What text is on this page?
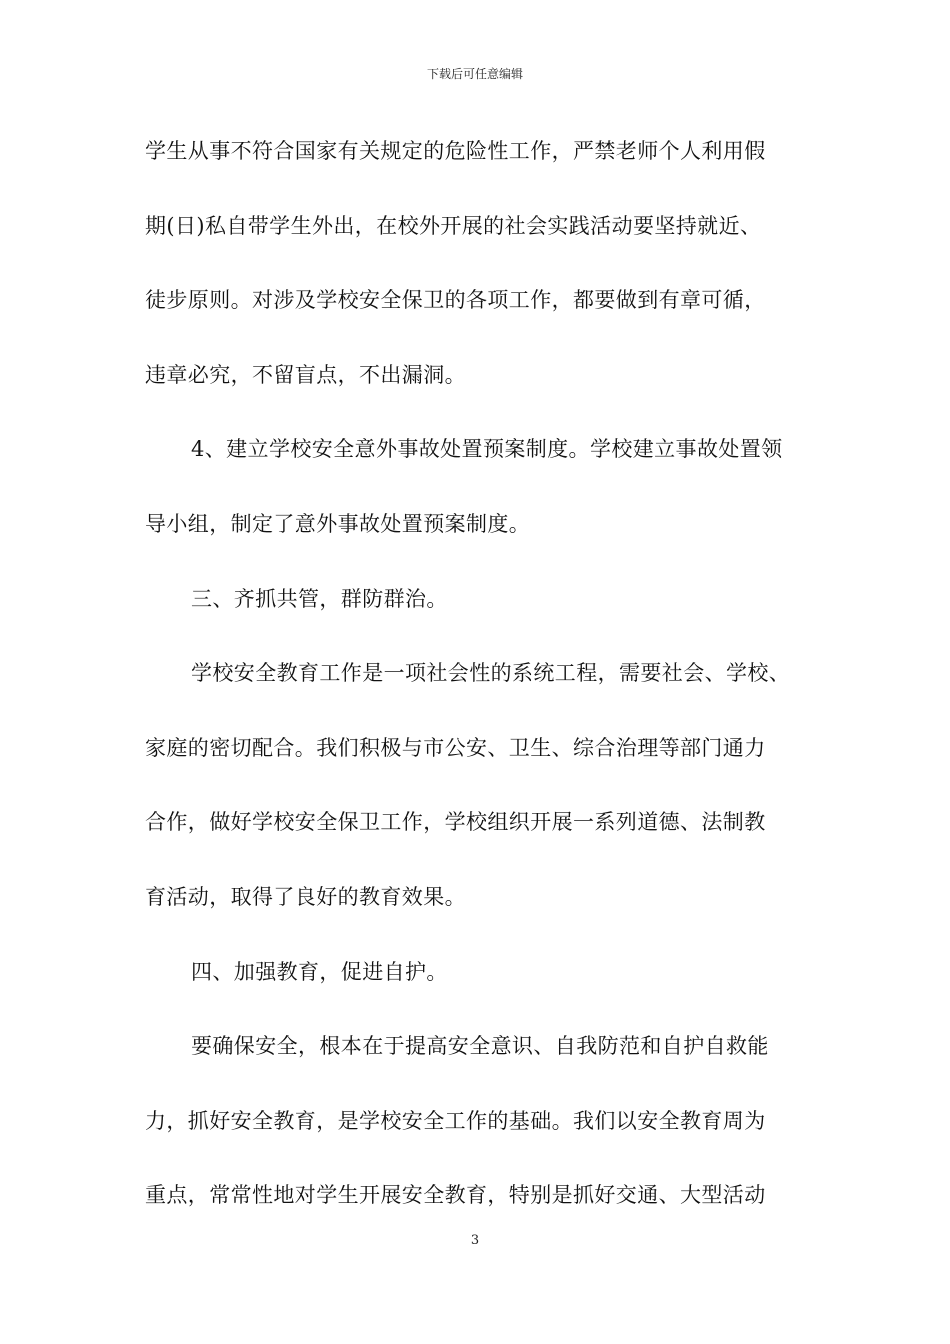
下载后可任意编辑
学生从事不符合国家有关规定的危险性工作，严禁老师个人利用假
期(日)私自带学生外出，在校外开展的社会实践活动要坚持就近、
徒步原则。对涉及学校安全保卫的各项工作，都要做到有章可循，
违章必究，不留盲点，不出漏洞。
4、建立学校安全意外事故处置预案制度。学校建立事故处置领
导小组，制定了意外事故处置预案制度。
三、齐抓共管，群防群治。
学校安全教育工作是一项社会性的系统工程，需要社会、学校、
家庭的密切配合。我们积极与市公安、卫生、综合治理等部门通力
合作，做好学校安全保卫工作，学校组织开展一系列道德、法制教
育活动，取得了良好的教育效果。
四、加强教育，促进自护。
要确保安全，根本在于提高安全意识、自我防范和自护自救能
力，抓好安全教育，是学校安全工作的基础。我们以安全教育周为
重点，常常性地对学生开展安全教育，特别是抓好交通、大型活动
3
